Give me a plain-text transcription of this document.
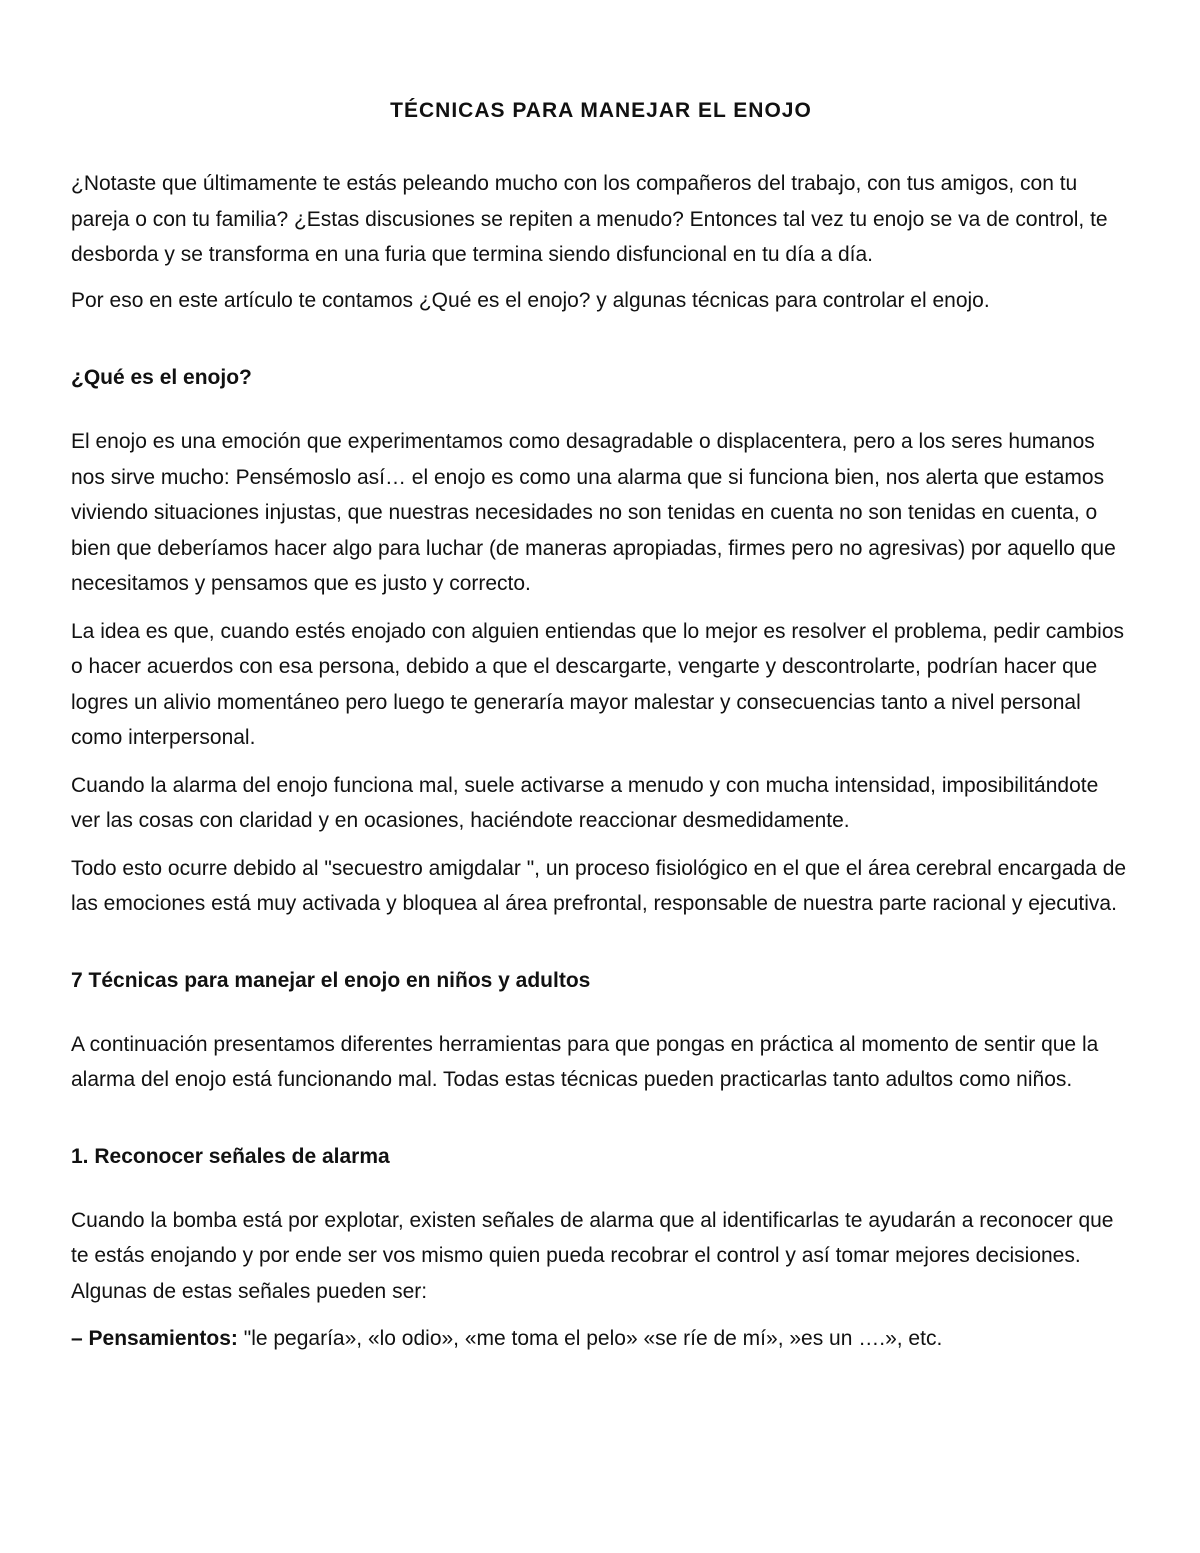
TÉCNICAS PARA MANEJAR EL ENOJO

¿Notaste que últimamente te estás peleando mucho con los compañeros del trabajo, con tus amigos, con tu pareja o con tu familia? ¿Estas discusiones se repiten a menudo? Entonces tal vez tu enojo se va de control, te desborda y se transforma en una furia que termina siendo disfuncional en tu día a día.

Por eso en este artículo te contamos ¿Qué es el enojo? y algunas técnicas para controlar el enojo.

¿Qué es el enojo?

El enojo es una emoción que experimentamos como desagradable o displacentera, pero a los seres humanos nos sirve mucho: Pensémoslo así… el enojo es como una alarma que si funciona bien, nos alerta que estamos viviendo situaciones injustas, que nuestras necesidades no son tenidas en cuenta no son tenidas en cuenta, o bien que deberíamos hacer algo para luchar (de maneras apropiadas, firmes pero no agresivas) por aquello que necesitamos y pensamos que es justo y correcto.

La idea es que, cuando estés enojado con alguien entiendas que lo mejor es resolver el problema, pedir cambios o hacer acuerdos con esa persona, debido a que el descargarte, vengarte y descontrolarte, podrían hacer que logres un alivio momentáneo pero luego te generaría mayor malestar y consecuencias tanto a nivel personal como interpersonal.

Cuando la alarma del enojo funciona mal, suele activarse a menudo y con mucha intensidad, imposibilitándote ver las cosas con claridad y en ocasiones, haciéndote reaccionar desmedidamente.

Todo esto ocurre debido al "secuestro amigdalar ", un proceso fisiológico en el que el área cerebral encargada de las emociones está muy activada y bloquea al área prefrontal, responsable de nuestra parte racional y ejecutiva.

7 Técnicas para manejar el enojo en niños y adultos

A continuación presentamos diferentes herramientas para que pongas en práctica al momento de sentir que la alarma del enojo está funcionando mal. Todas estas técnicas pueden practicarlas tanto adultos como niños.

1. Reconocer señales de alarma

Cuando la bomba está por explotar, existen señales de alarma que al identificarlas te ayudarán a reconocer que te estás enojando y por ende ser vos mismo quien pueda recobrar el control y así tomar mejores decisiones. Algunas de estas señales pueden ser:

– Pensamientos: "le pegaría», «lo odio», «me toma el pelo» «se ríe de mí», »es un ….», etc.
